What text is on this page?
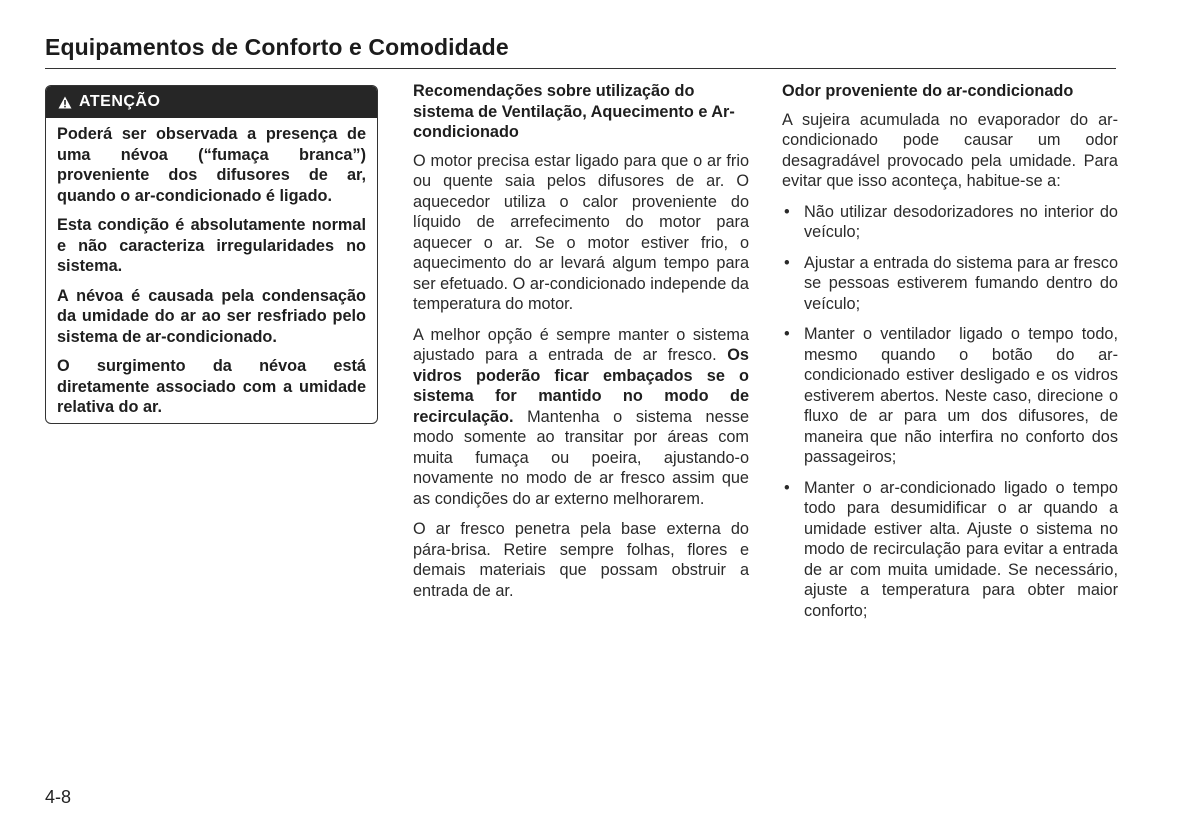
Equipamentos de Conforto e Comodidade
ATENÇÃO

Poderá ser observada a presença de uma névoa (“fumaça branca”) proveniente dos difusores de ar, quando o ar-condicionado é ligado.

Esta condição é absolutamente normal e não caracteriza irregularidades no sistema.

A névoa é causada pela condensação da umidade do ar ao ser resfriado pelo sistema de ar-condicionado.

O surgimento da névoa está diretamente associado com a umidade relativa do ar.

Recomendações sobre utilização do sistema de Ventilação, Aquecimento e Ar-condicionado

O motor precisa estar ligado para que o ar frio ou quente saia pelos difusores de ar. O aquecedor utiliza o calor proveniente do líquido de arrefecimento do motor para aquecer o ar. Se o motor estiver frio, o aquecimento do ar levará algum tempo para ser efetuado. O ar-condicionado independe da temperatura do motor.

A melhor opção é sempre manter o sistema ajustado para a entrada de ar fresco. Os vidros poderão ficar embaçados se o sistema for mantido no modo de recirculação. Mantenha o sistema nesse modo somente ao transitar por áreas com muita fumaça ou poeira, ajustando-o novamente no modo de ar fresco assim que as condições do ar externo melhorarem.

O ar fresco penetra pela base externa do pára-brisa. Retire sempre folhas, flores e demais materiais que possam obstruir a entrada de ar.

Odor proveniente do ar-condicionado

A sujeira acumulada no evaporador do ar-condicionado pode causar um odor desagradável provocado pela umidade. Para evitar que isso aconteça, habitue-se a:

• Não utilizar desodorizadores no interior do veículo;
• Ajustar a entrada do sistema para ar fresco se pessoas estiverem fumando dentro do veículo;
• Manter o ventilador ligado o tempo todo, mesmo quando o botão do ar-condicionado estiver desligado e os vidros estiverem abertos. Neste caso, direcione o fluxo de ar para um dos difusores, de maneira que não interfira no conforto dos passageiros;
• Manter o ar-condicionado ligado o tempo todo para desumidificar o ar quando a umidade estiver alta. Ajuste o sistema no modo de recirculação para evitar a entrada de ar com muita umidade. Se necessário, ajuste a temperatura para obter maior conforto;
4-8
